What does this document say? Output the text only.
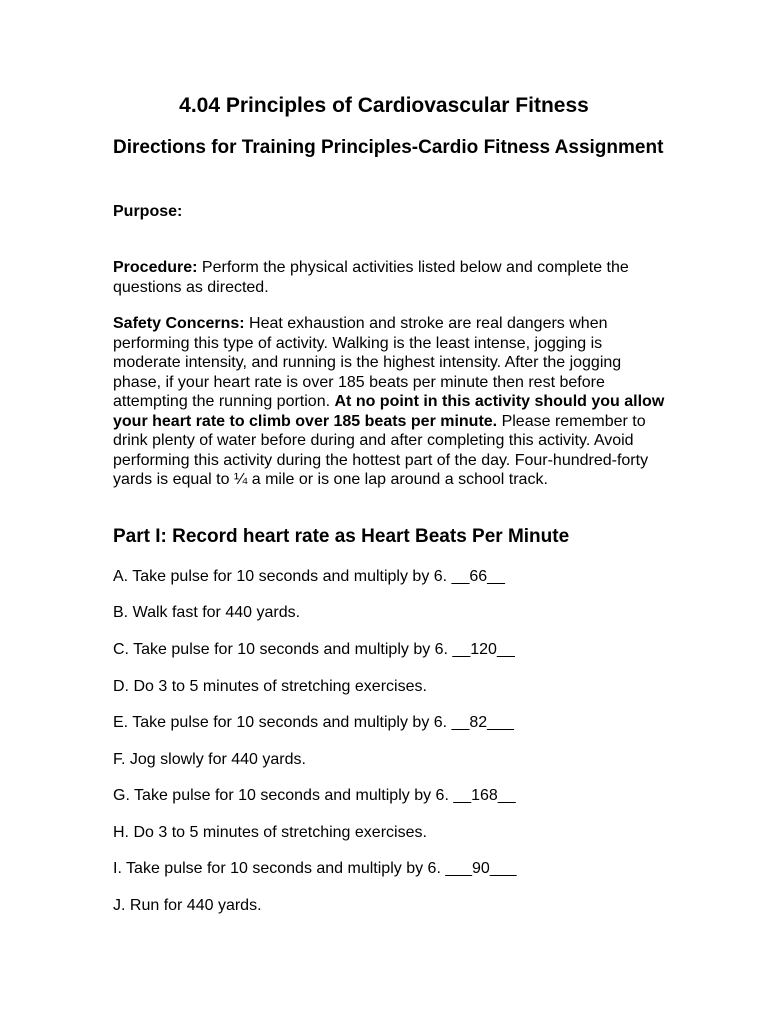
4.04 Principles of Cardiovascular Fitness
Directions for Training Principles-Cardio Fitness Assignment

Purpose:

Procedure: Perform the physical activities listed below and complete the questions as directed.

Safety Concerns: Heat exhaustion and stroke are real dangers when performing this type of activity. Walking is the least intense, jogging is moderate intensity, and running is the highest intensity. After the jogging phase, if your heart rate is over 185 beats per minute then rest before attempting the running portion. At no point in this activity should you allow your heart rate to climb over 185 beats per minute. Please remember to drink plenty of water before during and after completing this activity. Avoid performing this activity during the hottest part of the day. Four-hundred-forty yards is equal to ¼ a mile or is one lap around a school track.

Part I: Record heart rate as Heart Beats Per Minute

A. Take pulse for 10 seconds and multiply by 6. __66__

B. Walk fast for 440 yards.

C. Take pulse for 10 seconds and multiply by 6. __120__

D. Do 3 to 5 minutes of stretching exercises.

E. Take pulse for 10 seconds and multiply by 6. __82___

F. Jog slowly for 440 yards.

G. Take pulse for 10 seconds and multiply by 6. __168__

H. Do 3 to 5 minutes of stretching exercises.

I. Take pulse for 10 seconds and multiply by 6. ___90___

J. Run for 440 yards.
